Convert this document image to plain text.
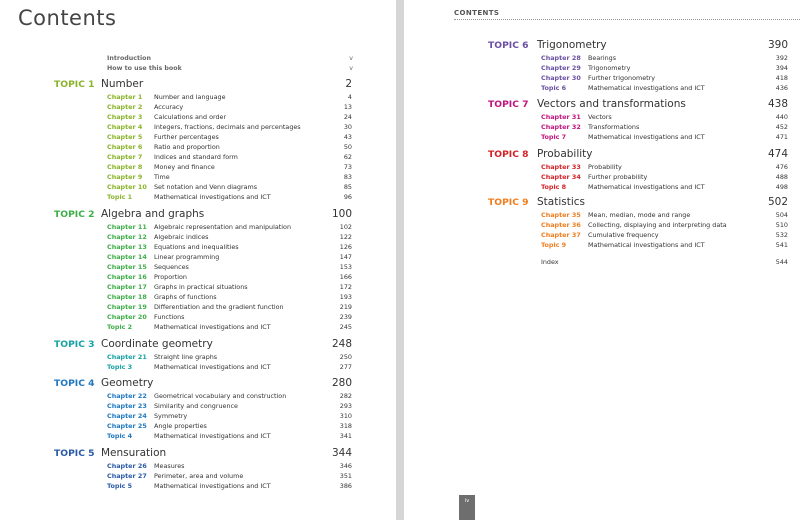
Contents
Introduction	v
How to use this book	v
TOPIC 1 Number	2
Chapter 1 Number and language	4
Chapter 2 Accuracy	13
Chapter 3 Calculations and order	24
Chapter 4 Integers, fractions, decimals and percentages	30
Chapter 5 Further percentages	43
Chapter 6 Ratio and proportion	50
Chapter 7 Indices and standard form	62
Chapter 8 Money and finance	73
Chapter 9 Time	83
Chapter 10 Set notation and Venn diagrams	85
Topic 1	Mathematical investigations and ICT	96
TOPIC 2 Algebra and graphs	100
Chapter 11 Algebraic representation and manipulation	102
Chapter 12 Algebraic indices	122
Chapter 13 Equations and inequalities	126
Chapter 14 Linear programming	147
Chapter 15 Sequences	153
Chapter 16 Proportion	166
Chapter 17 Graphs in practical situations	172
Chapter 18 Graphs of functions	193
Chapter 19 Differentiation and the gradient function	219
Chapter 20 Functions	239
Topic 2	Mathematical investigations and ICT	245
TOPIC 3 Coordinate geometry	248
Chapter 21 Straight line graphs	250
Topic 3	Mathematical investigations and ICT	277
TOPIC 4 Geometry	280
Chapter 22 Geometrical vocabulary and construction	282
Chapter 23 Similarity and congruence	293
Chapter 24 Symmetry	310
Chapter 25 Angle properties	318
Topic 4	Mathematical investigations and ICT	341
TOPIC 5 Mensuration	344
Chapter 26 Measures	346
Chapter 27 Perimeter, area and volume	351
Topic 5	Mathematical investigations and ICT	386
CONTENTS
TOPIC 6 Trigonometry	390
Chapter 28 Bearings	392
Chapter 29 Trigonometry	394
Chapter 30 Further trigonometry	418
Topic 6	Mathematical investigations and ICT	436
TOPIC 7 Vectors and transformations	438
Chapter 31 Vectors	440
Chapter 32 Transformations	452
Topic 7	Mathematical investigations and ICT	471
TOPIC 8 Probability	474
Chapter 33 Probability	476
Chapter 34 Further probability	488
Topic 8	Mathematical investigations and ICT	498
TOPIC 9 Statistics	502
Chapter 35 Mean, median, mode and range	504
Chapter 36 Collecting, displaying and interpreting data	510
Chapter 37 Cumulative frequency	532
Topic 9	Mathematical investigations and ICT	541
Index	544
iv
